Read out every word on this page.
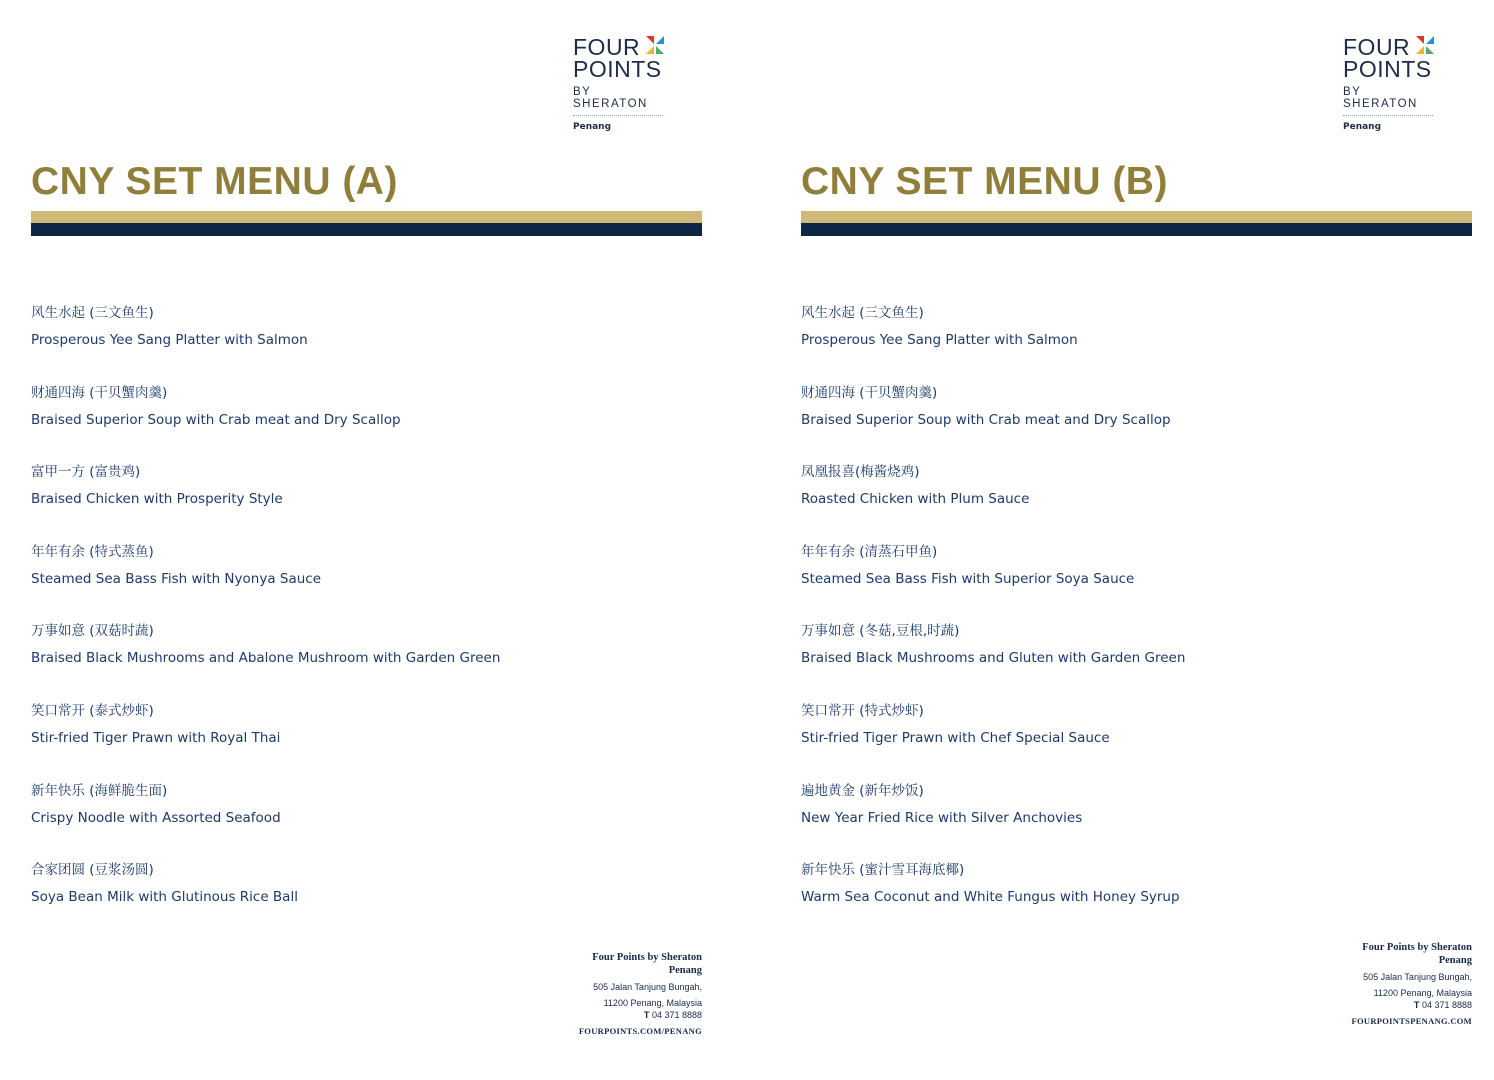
FOUR
POINTS
BY SHERATON
Penang
CNY SET MENU (A)
风生水起 (三文鱼生)
Prosperous Yee Sang Platter with Salmon
财通四海 (干贝蟹肉羹)
Braised Superior Soup with Crab meat and Dry Scallop
富甲一方 (富贵鸡)
Braised Chicken with Prosperity Style
年年有余 (特式蒸鱼)
Steamed Sea Bass Fish with Nyonya Sauce
万事如意 (双菇时蔬)
Braised Black Mushrooms and Abalone Mushroom with Garden Green
笑口常开 (泰式炒虾)
Stir-fried Tiger Prawn with Royal Thai
新年快乐 (海鲜脆生面)
Crispy Noodle with Assorted Seafood
合家团圆 (豆浆汤圆)
Soya Bean Milk with Glutinous Rice Ball
Four Points by Sheraton
Penang
505 Jalan Tanjung Bungah,
11200 Penang, Malaysia
T 04 371 8888
FOURPOINTS.COM/PENANG
FOUR
POINTS
BY SHERATON
Penang
CNY SET MENU (B)
风生水起 (三文鱼生)
Prosperous Yee Sang Platter with Salmon
财通四海 (干贝蟹肉羹)
Braised Superior Soup with Crab meat and Dry Scallop
凤凰报喜(梅酱烧鸡)
Roasted Chicken with Plum Sauce
年年有余 (清蒸石甲鱼)
Steamed Sea Bass Fish with Superior Soya Sauce
万事如意 (冬菇,豆根,时蔬)
Braised Black Mushrooms and Gluten with Garden Green
笑口常开 (特式炒虾)
Stir-fried Tiger Prawn with Chef Special Sauce
遍地黄金 (新年炒饭)
New Year Fried Rice with Silver Anchovies
新年快乐 (蜜汁雪耳海底椰)
Warm Sea Coconut and White Fungus with Honey Syrup
Four Points by Sheraton
Penang
505 Jalan Tanjung Bungah,
11200 Penang, Malaysia
T 04 371 8888
FOURPOINTSPENANG.COM
